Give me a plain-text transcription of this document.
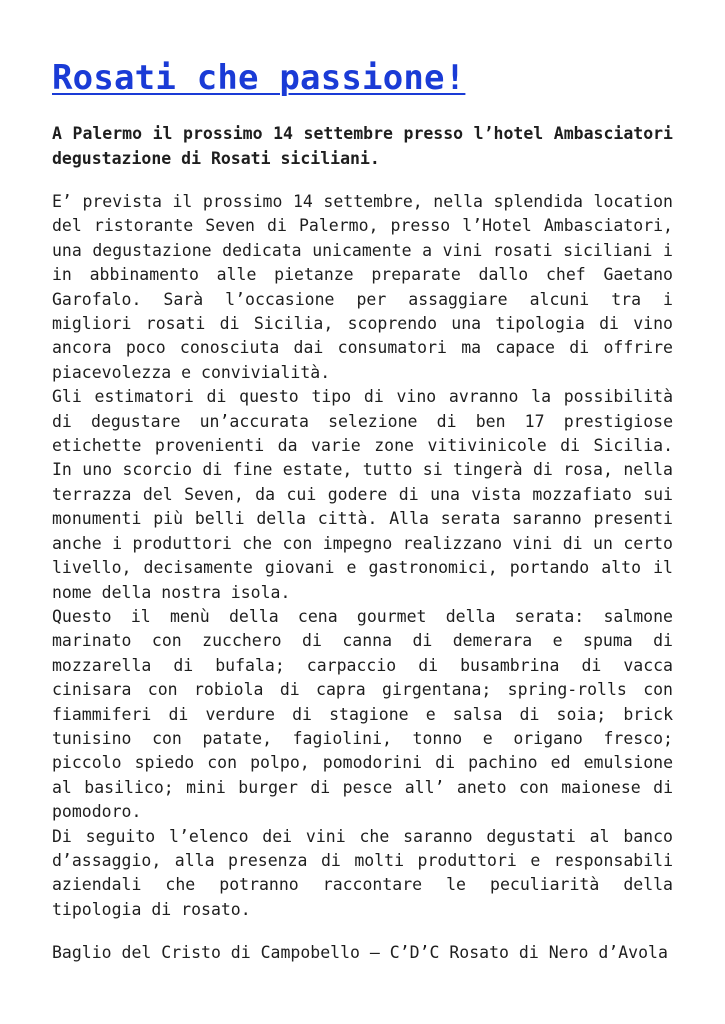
Rosati che passione!

A Palermo il prossimo 14 settembre presso l’hotel Ambasciatori degustazione di Rosati siciliani.

E’ prevista il prossimo 14 settembre, nella splendida location del ristorante Seven di Palermo, presso l’Hotel Ambasciatori, una degustazione dedicata unicamente a vini rosati siciliani i in abbinamento alle pietanze preparate dallo chef Gaetano Garofalo. Sarà l’occasione per assaggiare alcuni tra i migliori rosati di Sicilia, scoprendo una tipologia di vino ancora poco conosciuta dai consumatori ma capace di offrire piacevolezza e convivialità.

Gli estimatori di questo tipo di vino avranno la possibilità di degustare un’accurata selezione di ben 17 prestigiose etichette provenienti da varie zone vitivinicole di Sicilia. In uno scorcio di fine estate, tutto si tingerà di rosa, nella terrazza del Seven, da cui godere di una vista mozzafiato sui monumenti più belli della città. Alla serata saranno presenti anche i produttori che con impegno realizzano vini di un certo livello, decisamente giovani e gastronomici, portando alto il nome della nostra isola.

Questo il menù della cena gourmet della serata: salmone marinato con zucchero di canna di demerara e spuma di mozzarella di bufala; carpaccio di busambrina di vacca cinisara con robiola di capra girgentana; spring-rolls con fiammiferi di verdure di stagione e salsa di soia; brick tunisino con patate, fagiolini, tonno e origano fresco; piccolo spiedo con polpo, pomodorini di pachino ed emulsione al basilico; mini burger di pesce all’ aneto con maionese di pomodoro.

Di seguito l’elenco dei vini che saranno degustati al banco d’assaggio, alla presenza di molti produttori e responsabili aziendali che potranno raccontare le peculiarità della tipologia di rosato.

Baglio del Cristo di Campobello – C’D’C Rosato di Nero d’Avola
